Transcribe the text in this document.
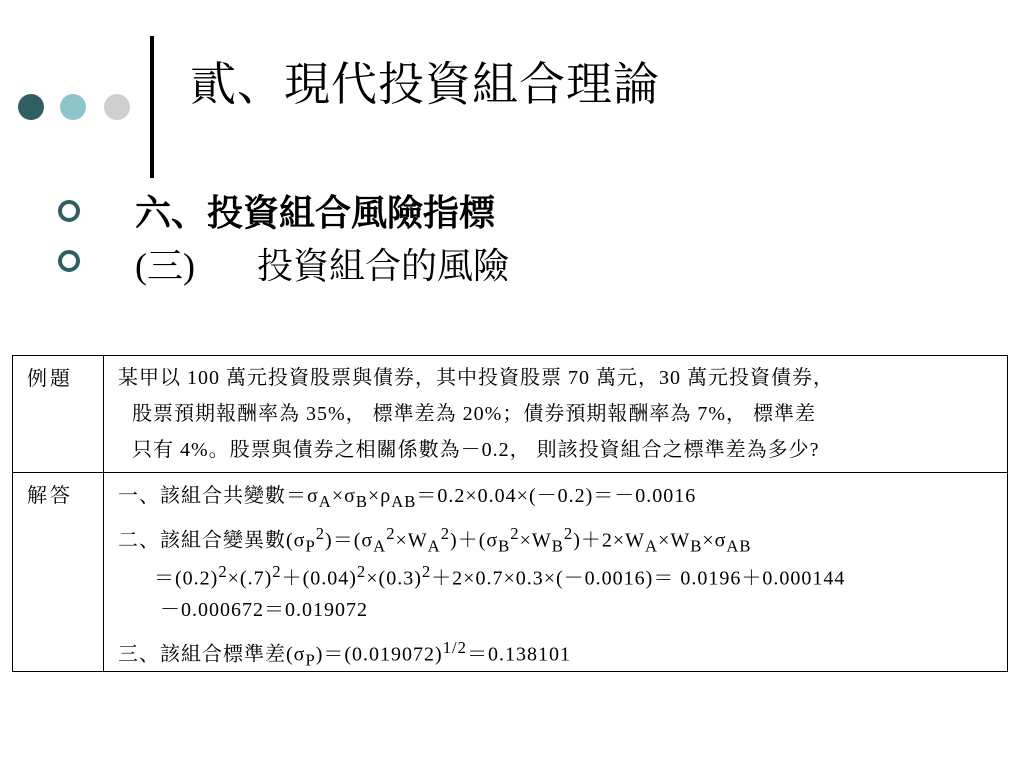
貳、現代投資組合理論
六、投資組合風險指標
(三) 投資組合的風險
例題	某甲以 100 萬元投資股票與債券，其中投資股票 70 萬元，30 萬元投資債券，
股票預期報酬率為 35%， 標準差為 20%；債券預期報酬率為 7%， 標準差
只有 4%。股票與債券之相關係數為－0.2， 則該投資組合之標準差為多少?

解答	一、該組合共變數$=\sigma_A\times\sigma_B\times\rho_{AB}=0.2\times 0.04\times(-0.2)=-0.0016$
二、該組合變異數$(\sigma_P^2)=(\sigma_A^2\times W_A^2)+(\sigma_B^2\times W_B^2)+2\times W_A\times W_B\times\sigma_{AB}$
$=(0.2)^2\times(.7)^2+(0.04)^2\times(0.3)^2+2\times 0.7\times 0.3\times(-0.0016)= 0.0196+0.000144$
－0.000672＝0.019072
三、該組合標準差$(\sigma_P)=(0.019072)^{1/2}=0.138101$
